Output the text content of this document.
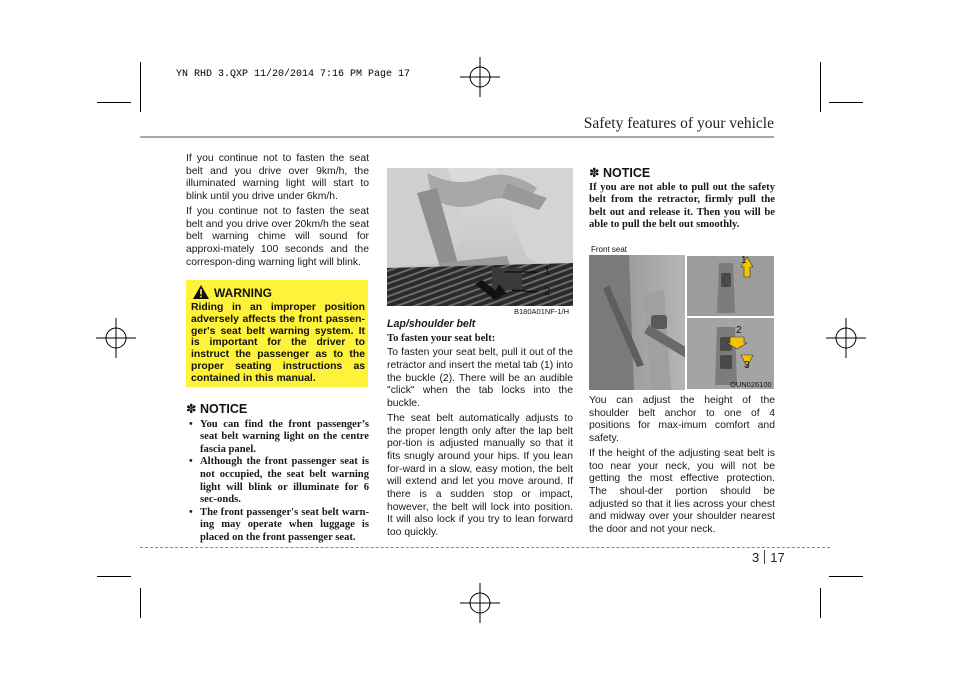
YN RHD 3.QXP 11/20/2014 7:16 PM Page 17
Safety features of your vehicle

If you continue not to fasten the seat belt and you drive over 9km/h, the illuminated warning light will start to blink until you drive under 6km/h.

If you continue not to fasten the seat belt and you drive over 20km/h the seat belt warning chime will sound for approxi-mately 100 seconds and the correspon-ding warning light will blink.

WARNING
Riding in an improper position adversely affects the front passen-ger's seat belt warning system. It is important for the driver to instruct the passenger as to the proper seating instructions as contained in this manual.
✽ NOTICE
• You can find the front passenger’s seat belt warning light on the centre fascia panel.
• Although the front passenger seat is not occupied, the seat belt warning light will blink or illuminate for 6 sec-onds.
• The front passenger's seat belt warn-ing may operate when luggage is placed on the front passenger seat.
1
2
B180A01NF-1/H
Lap/shoulder belt
To fasten your seat belt:

To fasten your seat belt, pull it out of the retractor and insert the metal tab (1) into the buckle (2). There will be an audible "click" when the tab locks into the buckle.

The seat belt automatically adjusts to the proper length only after the lap belt por-tion is adjusted manually so that it fits snugly around your hips. If you lean for-ward in a slow, easy motion, the belt will extend and let you move around. If there is a sudden stop or impact, however, the belt will lock into position. It will also lock if you try to lean forward too quickly.

✽ NOTICE
If you are not able to pull out the safety belt from the retractor, firmly pull the belt out and release it. Then you will be able to pull the belt out smoothly.
Front seat
1
2
3
OUN026100

You can adjust the height of the shoulder belt anchor to one of 4 positions for max-imum comfort and safety.

If the height of the adjusting seat belt is too near your neck, you will not be getting the most effective protection. The shoul-der portion should be adjusted so that it lies across your chest and midway over your shoulder nearest the door and not your neck.

3 17
